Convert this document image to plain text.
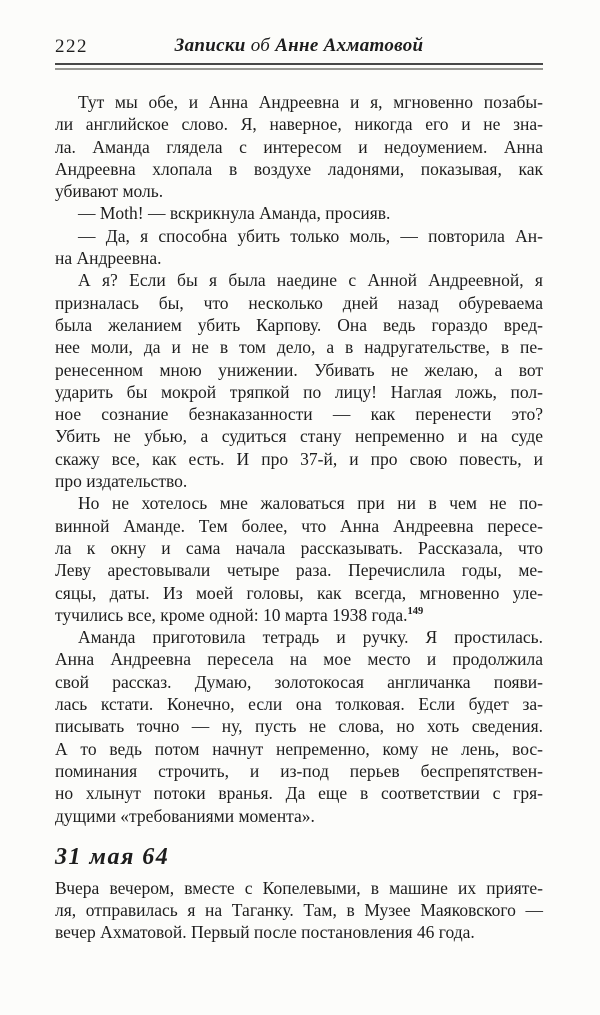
222	Записки об Анне Ахматовой
Тут мы обе, и Анна Андреевна и я, мгновенно позабы-
ли английское слово. Я, наверное, никогда его и не зна-
ла. Аманда глядела с интересом и недоумением. Анна
Андреевна хлопала в воздухе ладонями, показывая, как
убивают моль.
— Moth! — вскрикнула Аманда, просияв.
— Да, я способна убить только моль, — повторила Ан-
на Андреевна.
А я? Если бы я была наедине с Анной Андреевной, я
призналась бы, что несколько дней назад обуреваема
была желанием убить Карпову. Она ведь гораздо вред-
нее моли, да и не в том дело, а в надругательстве, в пе-
ренесенном мною унижении. Убивать не желаю, а вот
ударить бы мокрой тряпкой по лицу! Наглая ложь, пол-
ное сознание безнаказанности — как перенести это?
Убить не убью, а судиться стану непременно и на суде
скажу все, как есть. И про 37-й, и про свою повесть, и
про издательство.
Но не хотелось мне жаловаться при ни в чем не по-
винной Аманде. Тем более, что Анна Андреевна пересе-
ла к окну и сама начала рассказывать. Рассказала, что
Леву арестовывали четыре раза. Перечислила годы, ме-
сяцы, даты. Из моей головы, как всегда, мгновенно уле-
тучились все, кроме одной: 10 марта 1938 года.$^{149}$
Аманда приготовила тетрадь и ручку. Я простилась.
Анна Андреевна пересела на мое место и продолжила
свой рассказ. Думаю, золотокосая англичанка появи-
лась кстати. Конечно, если она толковая. Если будет за-
писывать точно — ну, пусть не слова, но хоть сведения.
А то ведь потом начнут непременно, кому не лень, вос-
поминания строчить, и из-под перьев беспрепятствен-
но хлынут потоки вранья. Да еще в соответствии с гря-
дущими «требованиями момента».
31 мая 64
Вчера вечером, вместе с Копелевыми, в машине их прияте-
ля, отправилась я на Таганку. Там, в Музее Маяковского —
вечер Ахматовой. Первый после постановления 46 года.
